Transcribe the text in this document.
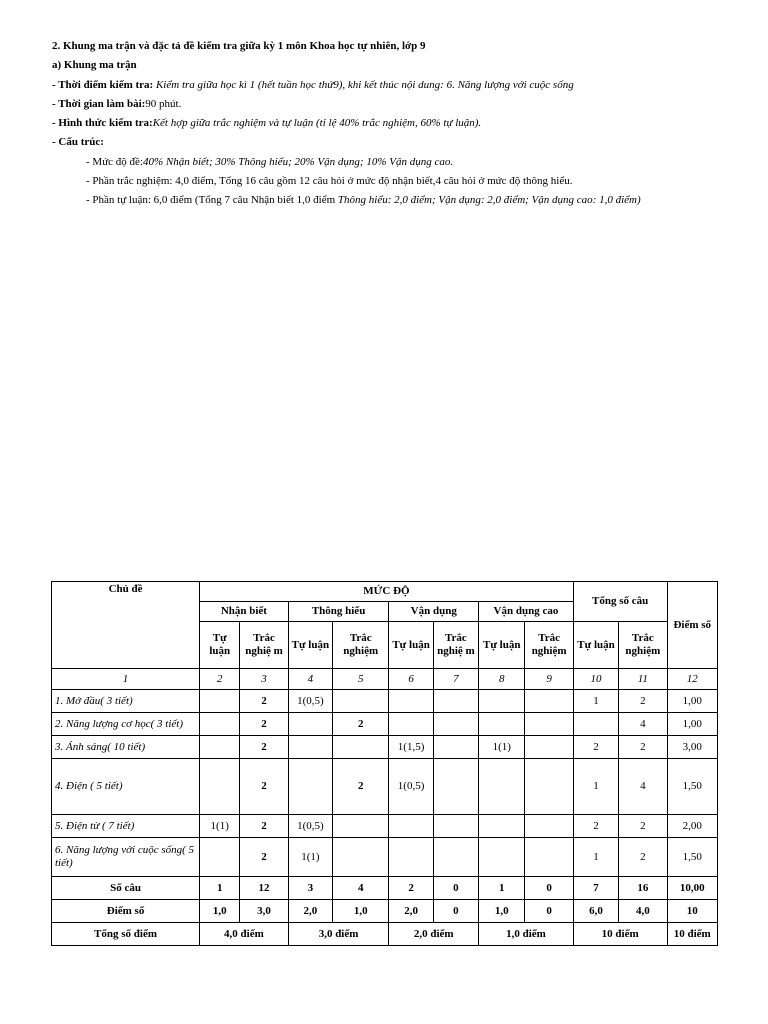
2. Khung ma trận và đặc tả đề kiểm tra giữa kỳ 1 môn Khoa học tự nhiên, lớp 9

a) Khung ma trận

- Thời điểm kiểm tra: Kiểm tra giữa học kì 1 (hết tuần học thứ9), khi kết thúc nội dung: 6. Năng lượng với cuộc sống

- Thời gian làm bài:90 phút.

- Hình thức kiểm tra:Kết hợp giữa trắc nghiệm và tự luận (tỉ lệ 40% trắc nghiệm, 60% tự luận).

- Cấu trúc:

- Mức độ đề:40% Nhận biết; 30% Thông hiểu; 20% Vận dụng; 10% Vận dụng cao.

- Phần trắc nghiệm: 4,0 điểm, Tổng 16 câu gồm 12 câu hỏi ở mức độ nhận biết,4 câu hỏi ở mức độ thông hiểu.

- Phần tự luận: 6,0 điểm (Tổng 7 câu Nhận biết 1,0 điểm Thông hiểu: 2,0 điểm; Vận dụng: 2,0 điểm; Vận dụng cao: 1,0 điểm)

Chủ đề	MỨC ĐỘ								Tổng số câu		Điểm số
	Nhận biết		Thông hiểu		Vận dụng		Vận dụng cao				
	Tự luận	Trắc nghiệ m	Tự luận	Trắc nghiệm	Tự luận	Trắc nghiệ m	Tự luận	Trắc nghiệm	Tự luận	Trắc nghiệm	
1	2	3	4	5	6	7	8	9	10	11	12
1. Mở đầu( 3 tiết)		2	1(0,5)						1	2	1,00
2. Năng lượng cơ học( 3 tiết)		2		2						4	1,00
3. Ánh sáng( 10 tiết)		2			1(1,5)		1(1)		2	2	3,00
4. Điện ( 5 tiết)		2		2	1(0,5)				1	4	1,50
5. Điện từ ( 7 tiết)	1(1)	2	1(0,5)						2	2	2,00
6. Năng lượng với cuộc sống( 5 tiết)		2	1(1)						1	2	1,50
Số câu	1	12	3	4	2	0	1	0	7	16	10,00
Điểm số	1,0	3,0	2,0	1,0	2,0	0	1,0	0	6,0	4,0	10
Tổng số điểm	4,0 điểm		3,0 điểm		2,0 điểm		1,0 điểm		10 điểm		10 điểm
